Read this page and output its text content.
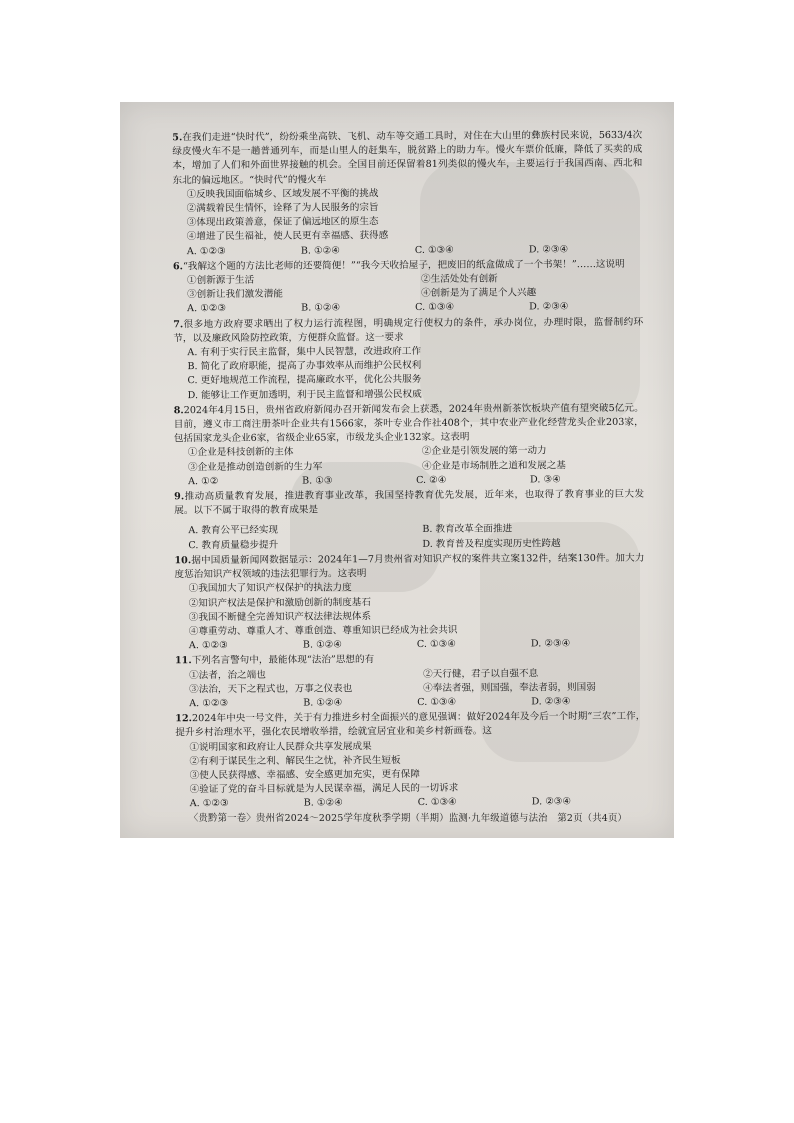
5.在我们走进“快时代”，纷纷乘坐高铁、飞机、动车等交通工具时，对住在大山里的彝族村民来说，5633/4次绿皮慢火车不是一趟普通列车，而是山里人的赶集车，脱贫路上的助力车。慢火车票价低廉，降低了买卖的成本，增加了人们和外面世界接触的机会。全国目前还保留着81列类似的慢火车，主要运行于我国西南、西北和东北的偏远地区。“快时代”的慢火车
①反映我国面临城乡、区域发展不平衡的挑战
②满载着民生情怀，诠释了为人民服务的宗旨
③体现出政策善意，保证了偏远地区的原生态
④增进了民生福祉，使人民更有幸福感、获得感
A. ①②③	B. ①②④	C. ①③④	D. ②③④
6.“我解这个题的方法比老师的还要简便！”“我今天收拾屋子，把废旧的纸盒做成了一个书架！”……这说明
①创新源于生活	②生活处处有创新
③创新让我们激发潜能	④创新是为了满足个人兴趣
A. ①②③	B. ①②④	C. ①③④	D. ②③④
7.很多地方政府要求晒出了权力运行流程图，明确规定行使权力的条件，承办岗位，办理时限，监督制约环节，以及廉政风险防控政策，方便群众监督。这一要求
A. 有利于实行民主监督，集中人民智慧，改进政府工作
B. 简化了政府职能，提高了办事效率从而维护公民权利
C. 更好地规范工作流程，提高廉政水平，优化公共服务
D. 能够让工作更加透明，利于民主监督和增强公民权威
8.2024年4月15日，贵州省政府新闻办召开新闻发布会上获悉，2024年贵州新茶饮板块产值有望突破5亿元。目前，遵义市工商注册茶叶企业共有1566家，茶叶专业合作社408个，其中农业产业化经营龙头企业203家，包括国家龙头企业6家，省级企业65家，市级龙头企业132家。这表明
①企业是科技创新的主体	②企业是引领发展的第一动力
③企业是推动创造创新的生力军	④企业是市场制胜之道和发展之基
A. ①②	B. ①③	C. ②④	D. ③④
9.推动高质量教育发展，推进教育事业改革，我国坚持教育优先发展，近年来，也取得了教育事业的巨大发展。以下不属于取得的教育成果是
A. 教育公平已经实现	B. 教育改革全面推进
C. 教育质量稳步提升	D. 教育普及程度实现历史性跨越
10.据中国质量新闻网数据显示：2024年1—7月贵州省对知识产权的案件共立案132件，结案130件。加大力度惩治知识产权领域的违法犯罪行为。这表明
①我国加大了知识产权保护的执法力度
②知识产权法是保护和激励创新的制度基石
③我国不断健全完善知识产权法律法规体系
④尊重劳动、尊重人才、尊重创造、尊重知识已经成为社会共识
A. ①②③	B. ①②④	C. ①③④	D. ②③④
11.下列名言警句中，最能体现“法治”思想的有
①法者，治之端也	②天行健，君子以自强不息
③法治，天下之程式也，万事之仪表也	④奉法者强，则国强，奉法者弱，则国弱
A. ①②③	B. ①②④	C. ①③④	D. ②③④
12.2024年中央一号文件，关于有力推进乡村全面振兴的意见强调：做好2024年及今后一个时期“三农”工作，提升乡村治理水平，强化农民增收举措，绘就宜居宜业和美乡村新画卷。这
①说明国家和政府让人民群众共享发展成果
②有利于谋民生之利、解民生之忧，补齐民生短板
③使人民获得感、幸福感、安全感更加充实，更有保障
④验证了党的奋斗目标就是为人民谋幸福，满足人民的一切诉求
A. ①②③	B. ①②④	C. ①③④	D. ②③④
〈贵黔第一卷〉贵州省2024～2025学年度秋季学期（半期）监测·九年级道德与法治　第2页（共4页）
